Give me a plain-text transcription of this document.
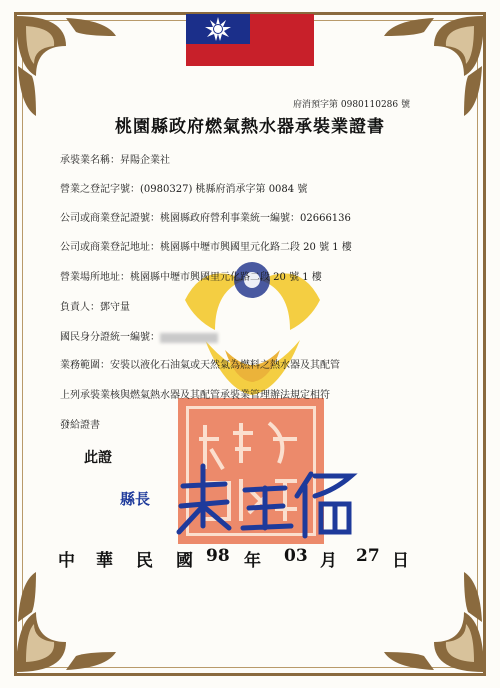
府消預字第 0980110286 號
桃園縣政府燃氣熱水器承裝業證書
承裝業名稱：昇陽企業社
營業之登記字號：(0980327) 桃縣府消承字第 0084 號
公司或商業登記證號：桃園縣政府營利事業統一編號：02666136
公司或商業登記地址：桃園縣中壢市興國里元化路二段 20 號 1 樓
營業場所地址：桃園縣中壢市興國里元化路二段 20 號 1 樓
負責人：鄧守量
國民身分證統一編號：
業務範圍：安裝以液化石油氣或天然氣為燃料之熱水器及其配管
上列承裝業核與燃氣熱水器及其配管承裝業管理辦法規定相符
發給證書
此證
縣長
中 華 民 國 98 年 03 月 27 日
